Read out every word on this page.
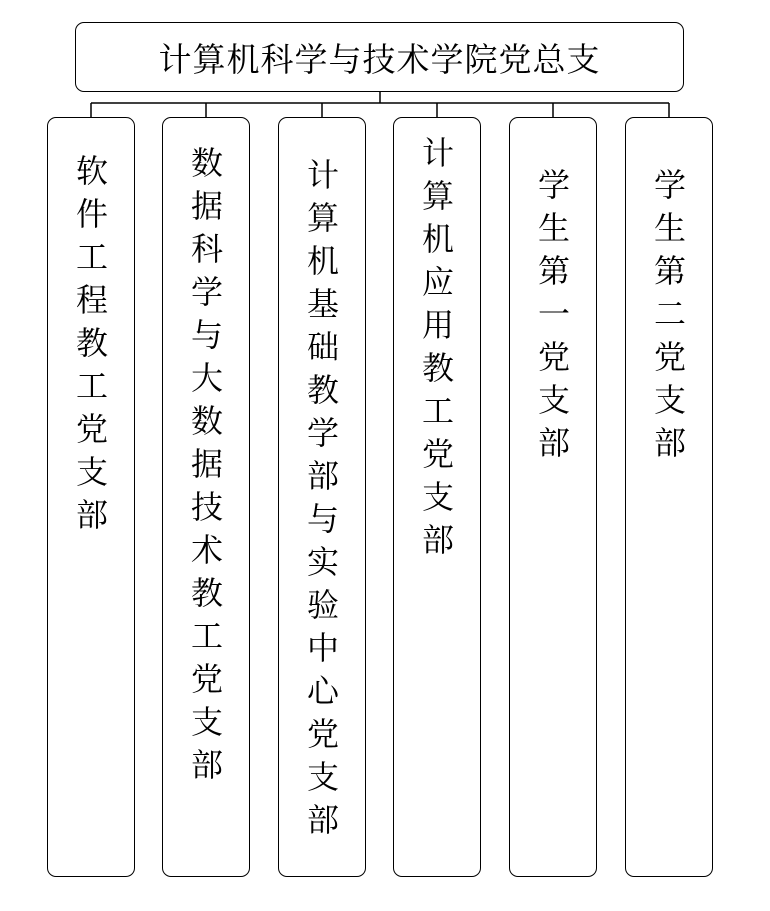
计算机科学与技术学院党总支
软件工程教工党支部	数据科学与大数据技术教工党支部	计算机基础教学部与实验中心党支部	计算机应用教工党支部	学生第一党支部	学生第二党支部
